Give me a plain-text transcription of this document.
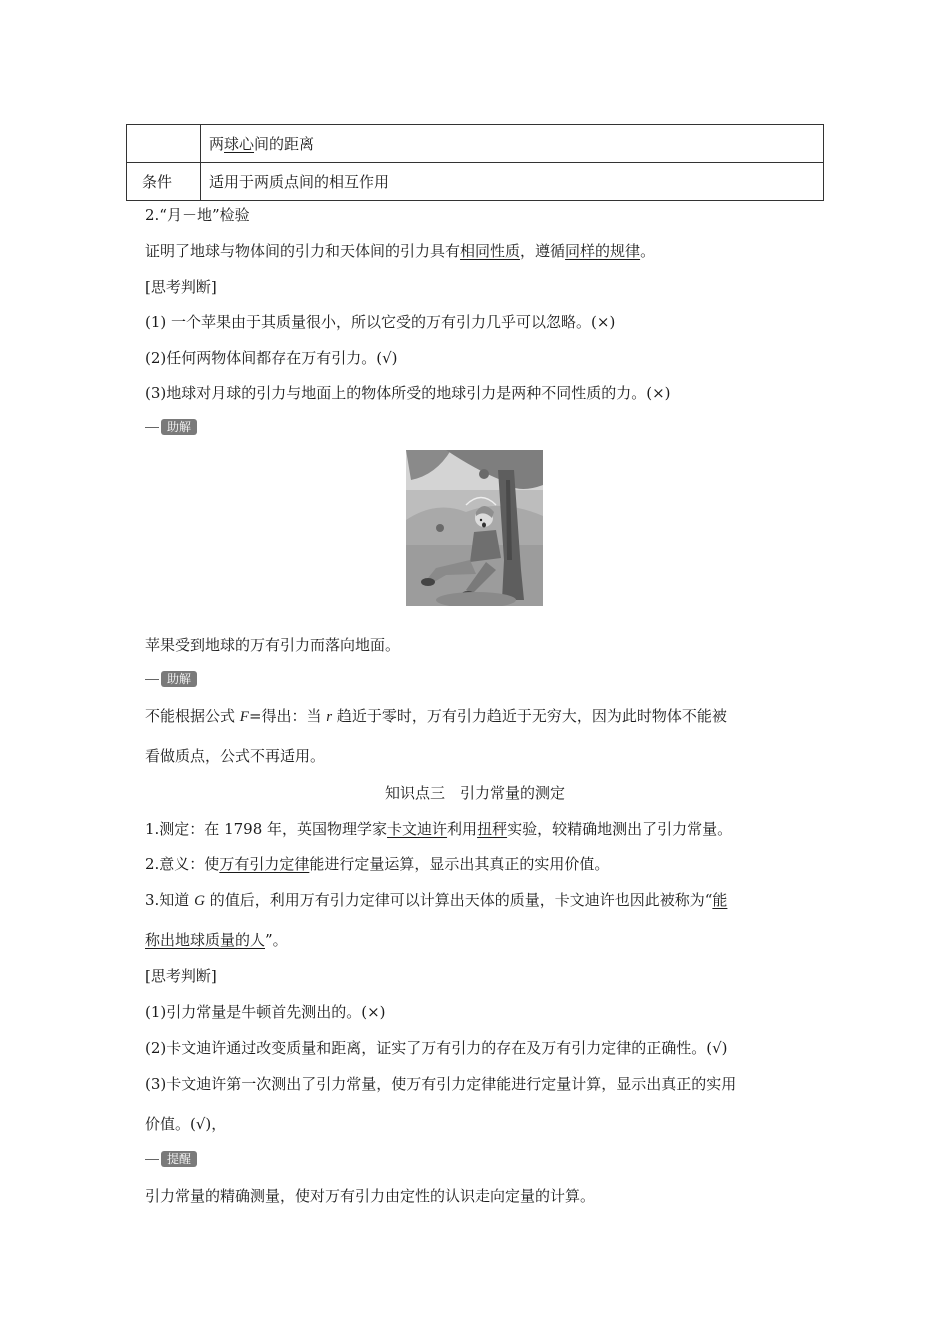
	两球心间的距离
条件	适用于两质点间的相互作用
2.“月－地”检验
证明了地球与物体间的引力和天体间的引力具有相同性质，遵循同样的规律。
[思考判断]
(1) 一个苹果由于其质量很小，所以它受的万有引力几乎可以忽略。(×)
(2)任何两物体间都存在万有引力。(√)
(3)地球对月球的引力与地面上的物体所受的地球引力是两种不同性质的力。(×)
助解
苹果受到地球的万有引力而落向地面。
助解
不能根据公式 F=得出：当 r 趋近于零时，万有引力趋近于无穷大，因为此时物体不能被
看做质点，公式不再适用。
知识点三　引力常量的测定
1.测定：在 1798 年，英国物理学家卡文迪许利用扭秤实验，较精确地测出了引力常量。
2.意义：使万有引力定律能进行定量运算，显示出其真正的实用价值。
3.知道 G 的值后，利用万有引力定律可以计算出天体的质量，卡文迪许也因此被称为“能
称出地球质量的人”。
[思考判断]
(1)引力常量是牛顿首先测出的。(×)
(2)卡文迪许通过改变质量和距离，证实了万有引力的存在及万有引力定律的正确性。(√)
(3)卡文迪许第一次测出了引力常量，使万有引力定律能进行定量计算，显示出真正的实用
价值。(√)，
提醒
引力常量的精确测量，使对万有引力由定性的认识走向定量的计算。
